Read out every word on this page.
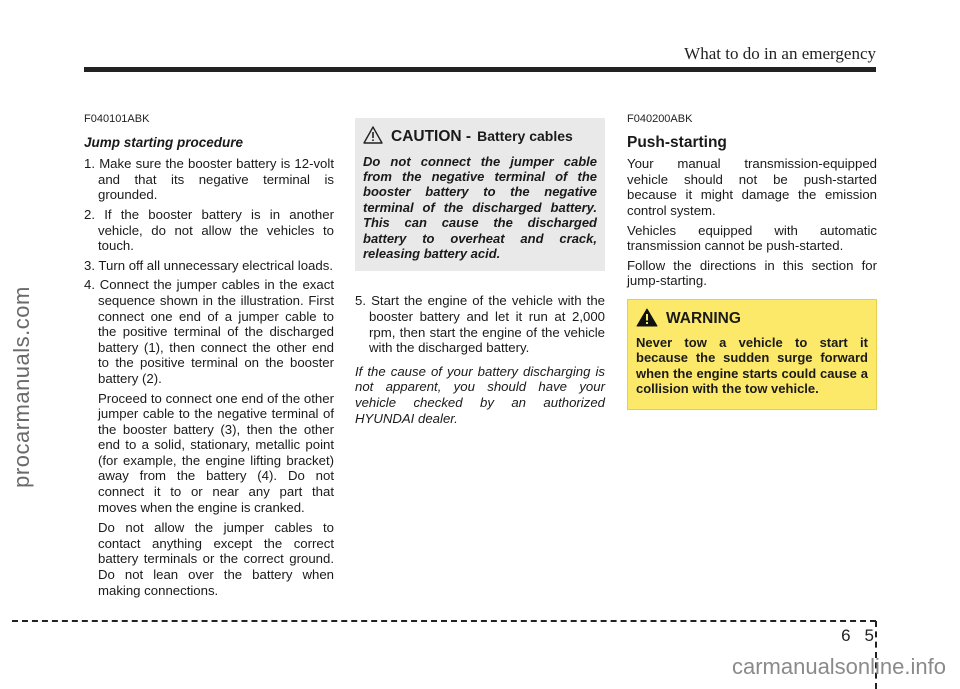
What to do in an emergency
procarmanuals.com
F040101ABK
Jump starting procedure
1. Make sure the booster battery is 12-volt and that its negative terminal is grounded.
2. If the booster battery is in another vehicle, do not allow the vehicles to touch.
3. Turn off all unnecessary electrical loads.
4. Connect the jumper cables in the exact sequence shown in the illustration. First connect one end of a jumper cable to the positive terminal of the discharged battery (1), then connect the other end to the positive terminal on the booster battery (2).
Proceed to connect one end of the other jumper cable to the negative terminal of the booster battery (3), then the other end to a solid, stationary, metallic point (for example, the engine lifting bracket) away from the battery (4). Do not connect it to or near any part that moves when the engine is cranked.
Do not allow the jumper cables to contact anything except the correct battery terminals or the correct ground. Do not lean over the battery when making connections.
CAUTION - Battery cables
Do not connect the jumper cable from the negative terminal of the booster battery to the negative terminal of the discharged battery. This can cause the discharged battery to overheat and crack, releasing battery acid.
5. Start the engine of the vehicle with the booster battery and let it run at 2,000 rpm, then start the engine of the vehicle with the discharged battery.
If the cause of your battery discharging is not apparent, you should have your vehicle checked by an authorized HYUNDAI dealer.
F040200ABK
Push-starting
Your manual transmission-equipped vehicle should not be push-started because it might damage the emission control system.
Vehicles equipped with automatic transmission cannot be push-started.
Follow the directions in this section for jump-starting.
WARNING
Never tow a vehicle to start it because the sudden surge forward when the engine starts could cause a collision with the tow vehicle.
6 5
carmanualsonline.info
